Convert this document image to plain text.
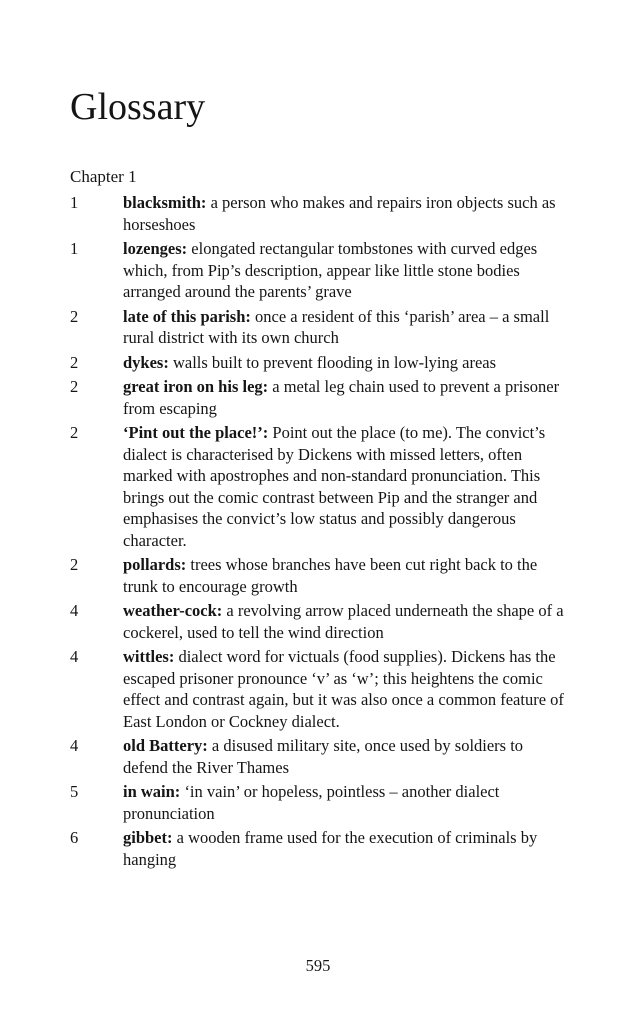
Glossary
Chapter 1
1	blacksmith: a person who makes and repairs iron objects such as horseshoes

1	lozenges: elongated rectangular tombstones with curved edges which, from Pip’s description, appear like little stone bodies arranged around the parents’ grave

2	late of this parish: once a resident of this ‘parish’ area – a small rural district with its own church

2	dykes: walls built to prevent flooding in low-lying areas

2	great iron on his leg: a metal leg chain used to prevent a prisoner from escaping

2	‘Pint out the place!’: Point out the place (to me). The convict’s dialect is characterised by Dickens with missed letters, often marked with apostrophes and non-standard pronunciation. This brings out the comic contrast between Pip and the stranger and emphasises the convict’s low status and possibly dangerous character.

2	pollards: trees whose branches have been cut right back to the trunk to encourage growth

4	weather-cock: a revolving arrow placed underneath the shape of a cockerel, used to tell the wind direction

4	wittles: dialect word for victuals (food supplies). Dickens has the escaped prisoner pronounce ‘v’ as ‘w’; this heightens the comic effect and contrast again, but it was also once a common feature of East London or Cockney dialect.

4	old Battery: a disused military site, once used by soldiers to defend the River Thames

5	in wain: ‘in vain’ or hopeless, pointless – another dialect pronunciation

6	gibbet: a wooden frame used for the execution of criminals by hanging

595
